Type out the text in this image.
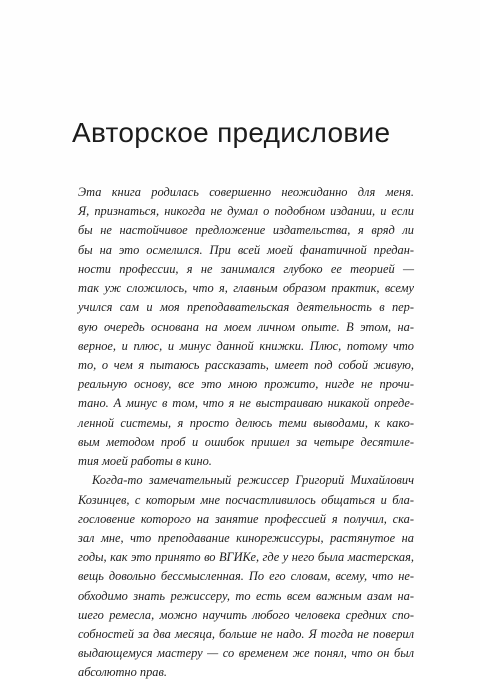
Авторское предисловие
Эта книга родилась совершенно неожиданно для меня.
Я, признаться, никогда не думал о подобном издании, и если
бы не настойчивое предложение издательства, я вряд ли
бы на это осмелился. При всей моей фанатичной предан-
ности профессии, я не занимался глубоко ее теорией —
так уж сложилось, что я, главным образом практик, всему
учился сам и моя преподавательская деятельность в пер-
вую очередь основана на моем личном опыте. В этом, на-
верное, и плюс, и минус данной книжки. Плюс, потому что
то, о чем я пытаюсь рассказать, имеет под собой живую,
реальную основу, все это мною прожито, нигде не прочи-
тано. А минус в том, что я не выстраиваю никакой опреде-
ленной системы, я просто делюсь теми выводами, к како-
вым методом проб и ошибок пришел за четыре десятиле-
тия моей работы в кино.
Когда-то замечательный режиссер Григорий Михайлович
Козинцев, с которым мне посчастливилось общаться и бла-
гословение которого на занятие профессией я получил, ска-
зал мне, что преподавание кинорежиссуры, растянутое на
годы, как это принято во ВГИКе, где у него была мастерская,
вещь довольно бессмысленная. По его словам, всему, что не-
обходимо знать режиссеру, то есть всем важным азам на-
шего ремесла, можно научить любого человека средних спо-
собностей за два месяца, больше не надо. Я тогда не поверил
выдающемуся мастеру — со временем же понял, что он был
абсолютно прав.
